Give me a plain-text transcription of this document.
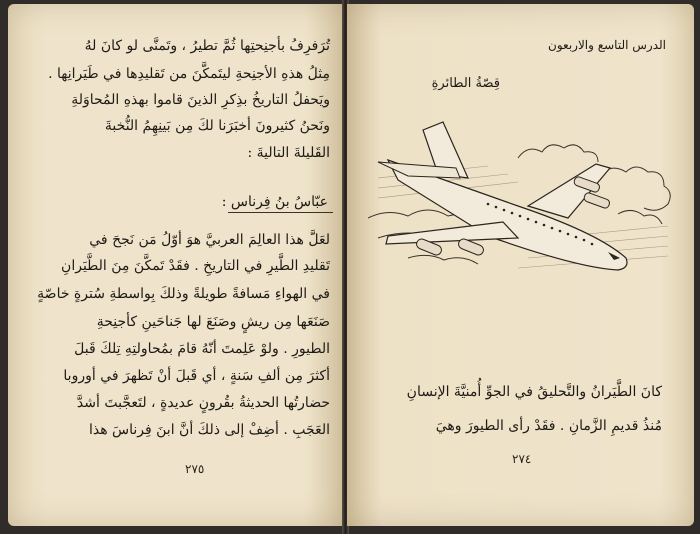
تُرَفرِفُ بأجنِحتِها ثُمَّ تطيرُ ، وتَمنَّى لو كانَ لهُ
مِثلُ هذهِ الأجنِحةِ ليتَمكَّنَ من تَقليدِها في طَيَرانِها .
ويَحفلُ التاريخُ بذِكرِ الذينَ قاموا بهذهِ المُحاوَلةِ
ونَحنُ كثيرونَ أخبَرَنا لكَ مِن بَينِهِمُ النُّخبةَ
القَليلةَ التاليةَ :
عبّاسُ بنُ فِرناس :
لعَلَّ هذا العالِمَ العربيَّ هوَ أوّلُ مَن نَجحَ في
تَقليدِ الطَّيرِ في التاريخِ . فقَدْ تَمكَّنَ مِنَ الطَّيَرانِ
في الهواءِ مَسافةً طويلةً وذلكَ بِواسطةِ سُترةٍ خاصّةٍ
صَنَعَها مِن ريشٍ وصَنَعَ لها جَناحَينِ كأجنِحةِ
الطيورِ . ولوْ عَلِمتَ أنّهُ قامَ بمُحاولتِهِ تِلكَ قَبلَ
أكثرَ مِن ألفِ سَنةٍ ، أي قَبلَ أنْ تَظهرَ في أوروبا
حضارتُها الحديثةُ بقُرونٍ عديدةٍ ، لتَعجَّبتَ أشدَّ
العَجَبِ . أضِفْ إلى ذلكَ أنَّ ابنَ فِرناسَ هذا
٢٧٥
الدرس التاسع والاربعون
قِصّةُ الطائرةِ
كانَ الطَّيَرانُ والتَّحليقُ في الجوِّ أُمنيَّةَ الإنسانِ
مُنذُ قديمِ الزَّمانِ . فقَدْ رأى الطيورَ وهيَ
٢٧٤
